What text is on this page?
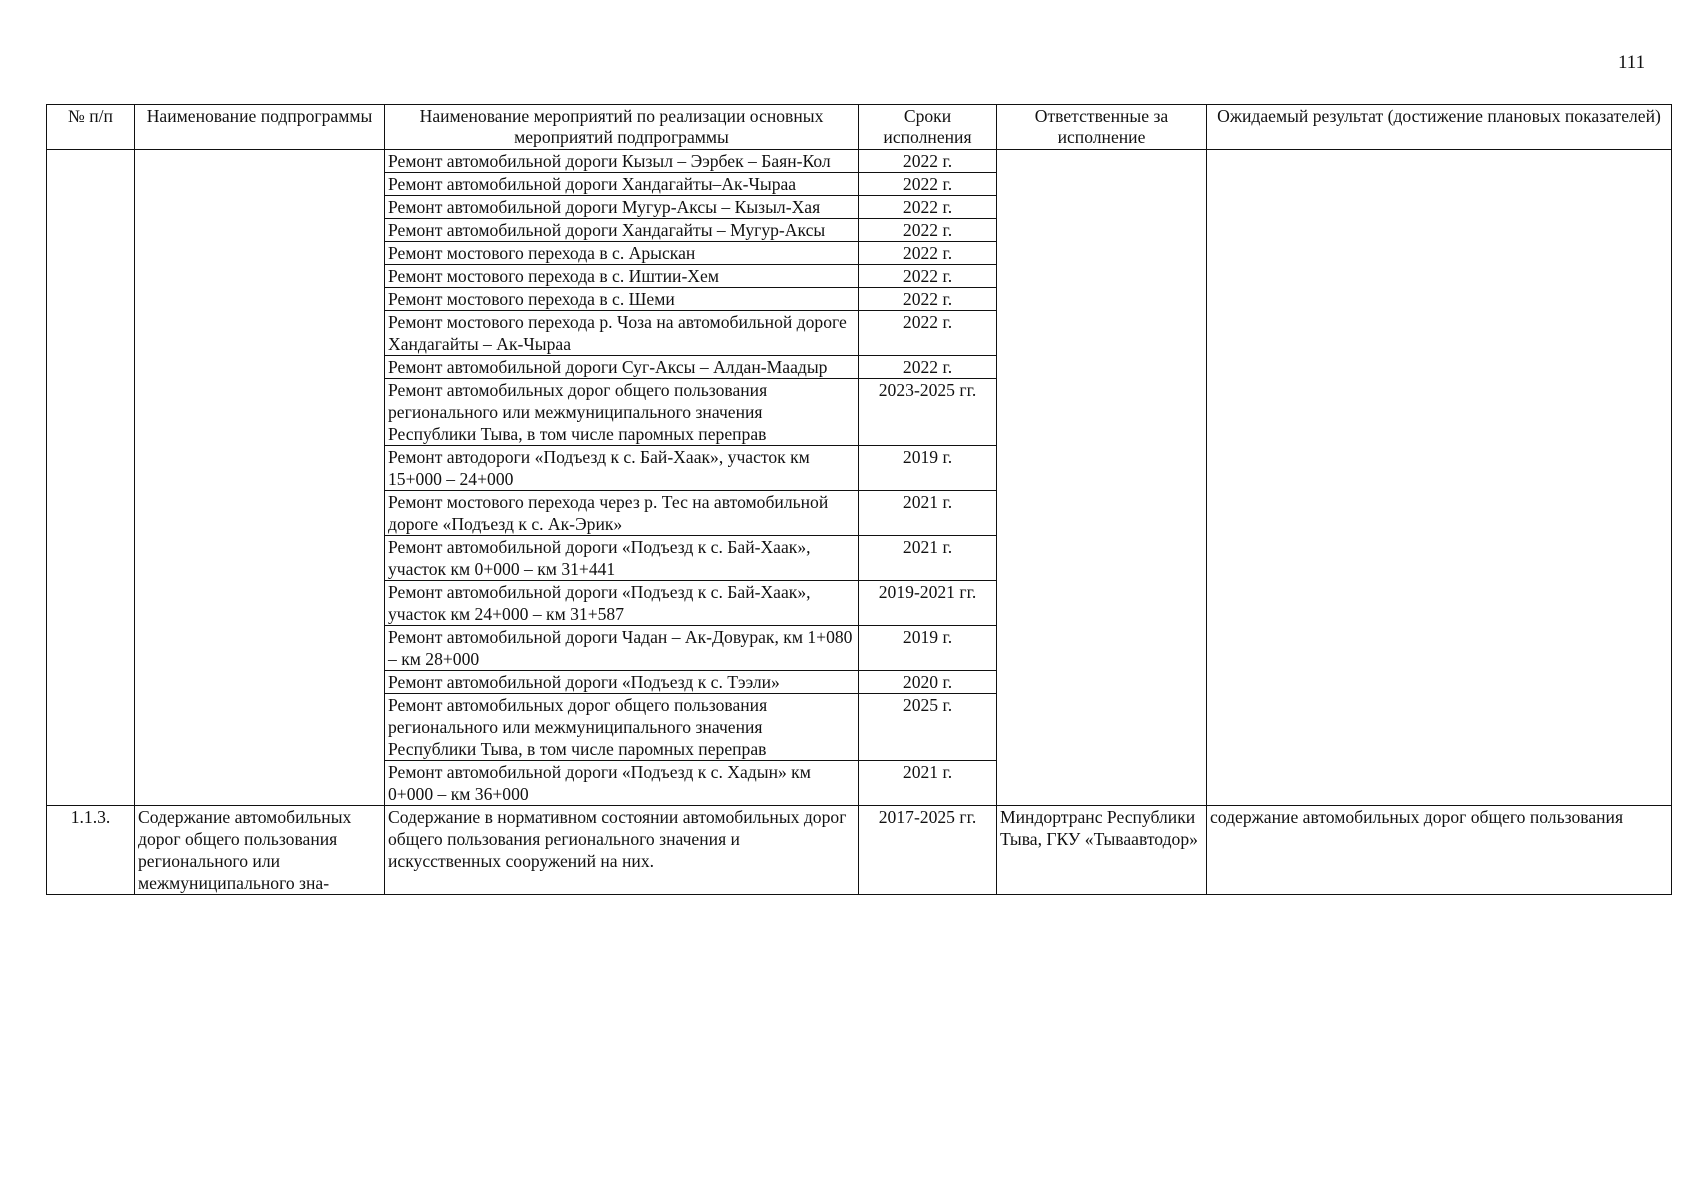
111
№ п/п	Наименование подпрограммы	Наименование мероприятий по реализации основных мероприятий подпрограммы	Сроки исполнения	Ответственные за исполнение	Ожидаемый результат (достижение плановых показателей)
		Ремонт автомобильной дороги Кызыл – Ээрбек – Баян-Кол	2022 г.		
		Ремонт автомобильной дороги Хандагайты–Ак-Чыраа	2022 г.		
		Ремонт автомобильной дороги Мугур-Аксы – Кызыл-Хая	2022 г.		
		Ремонт автомобильной дороги Хандагайты – Мугур-Аксы	2022 г.		
		Ремонт мостового перехода в с. Арыскан	2022 г.		
		Ремонт мостового перехода в с. Иштии-Хем	2022 г.		
		Ремонт мостового перехода в с. Шеми	2022 г.		
		Ремонт мостового перехода р. Чоза на автомобильной дороге Хандагайты – Ак-Чыраа	2022 г.		
		Ремонт автомобильной дороги Суг-Аксы – Алдан-Маадыр	2022 г.		
		Ремонт автомобильных дорог общего пользования регионального или межмуниципального значения Республики Тыва, в том числе паромных переправ	2023-2025 гг.		
		Ремонт автодороги «Подъезд к с. Бай-Хаак», участок км 15+000 – 24+000	2019 г.		
		Ремонт мостового перехода через р. Тес на автомобильной дороге «Подъезд к с. Ак-Эрик»	2021 г.		
		Ремонт автомобильной дороги «Подъезд к с. Бай-Хаак», участок км 0+000 – км 31+441	2021 г.		
		Ремонт автомобильной дороги «Подъезд к с. Бай-Хаак», участок км 24+000 – км 31+587	2019-2021 гг.		
		Ремонт автомобильной дороги Чадан – Ак-Довурак, км 1+080 – км 28+000	2019 г.		
		Ремонт автомобильной дороги «Подъезд к с. Тээли»	2020 г.		
		Ремонт автомобильных дорог общего пользования регионального или межмуниципального значения Республики Тыва, в том числе паромных переправ	2025 г.		
		Ремонт автомобильной дороги «Подъезд к с. Хадын» км 0+000 – км 36+000	2021 г.		
1.1.3.	Содержание автомобильных дорог общего пользования регионального или межмуниципального зна-	Содержание в нормативном состоянии автомобильных дорог общего пользования регионального значения и искусственных сооружений на них.	2017-2025 гг.	Миндортранс Республики Тыва, ГКУ «Тываавтодор»	содержание автомобильных дорог общего пользования
